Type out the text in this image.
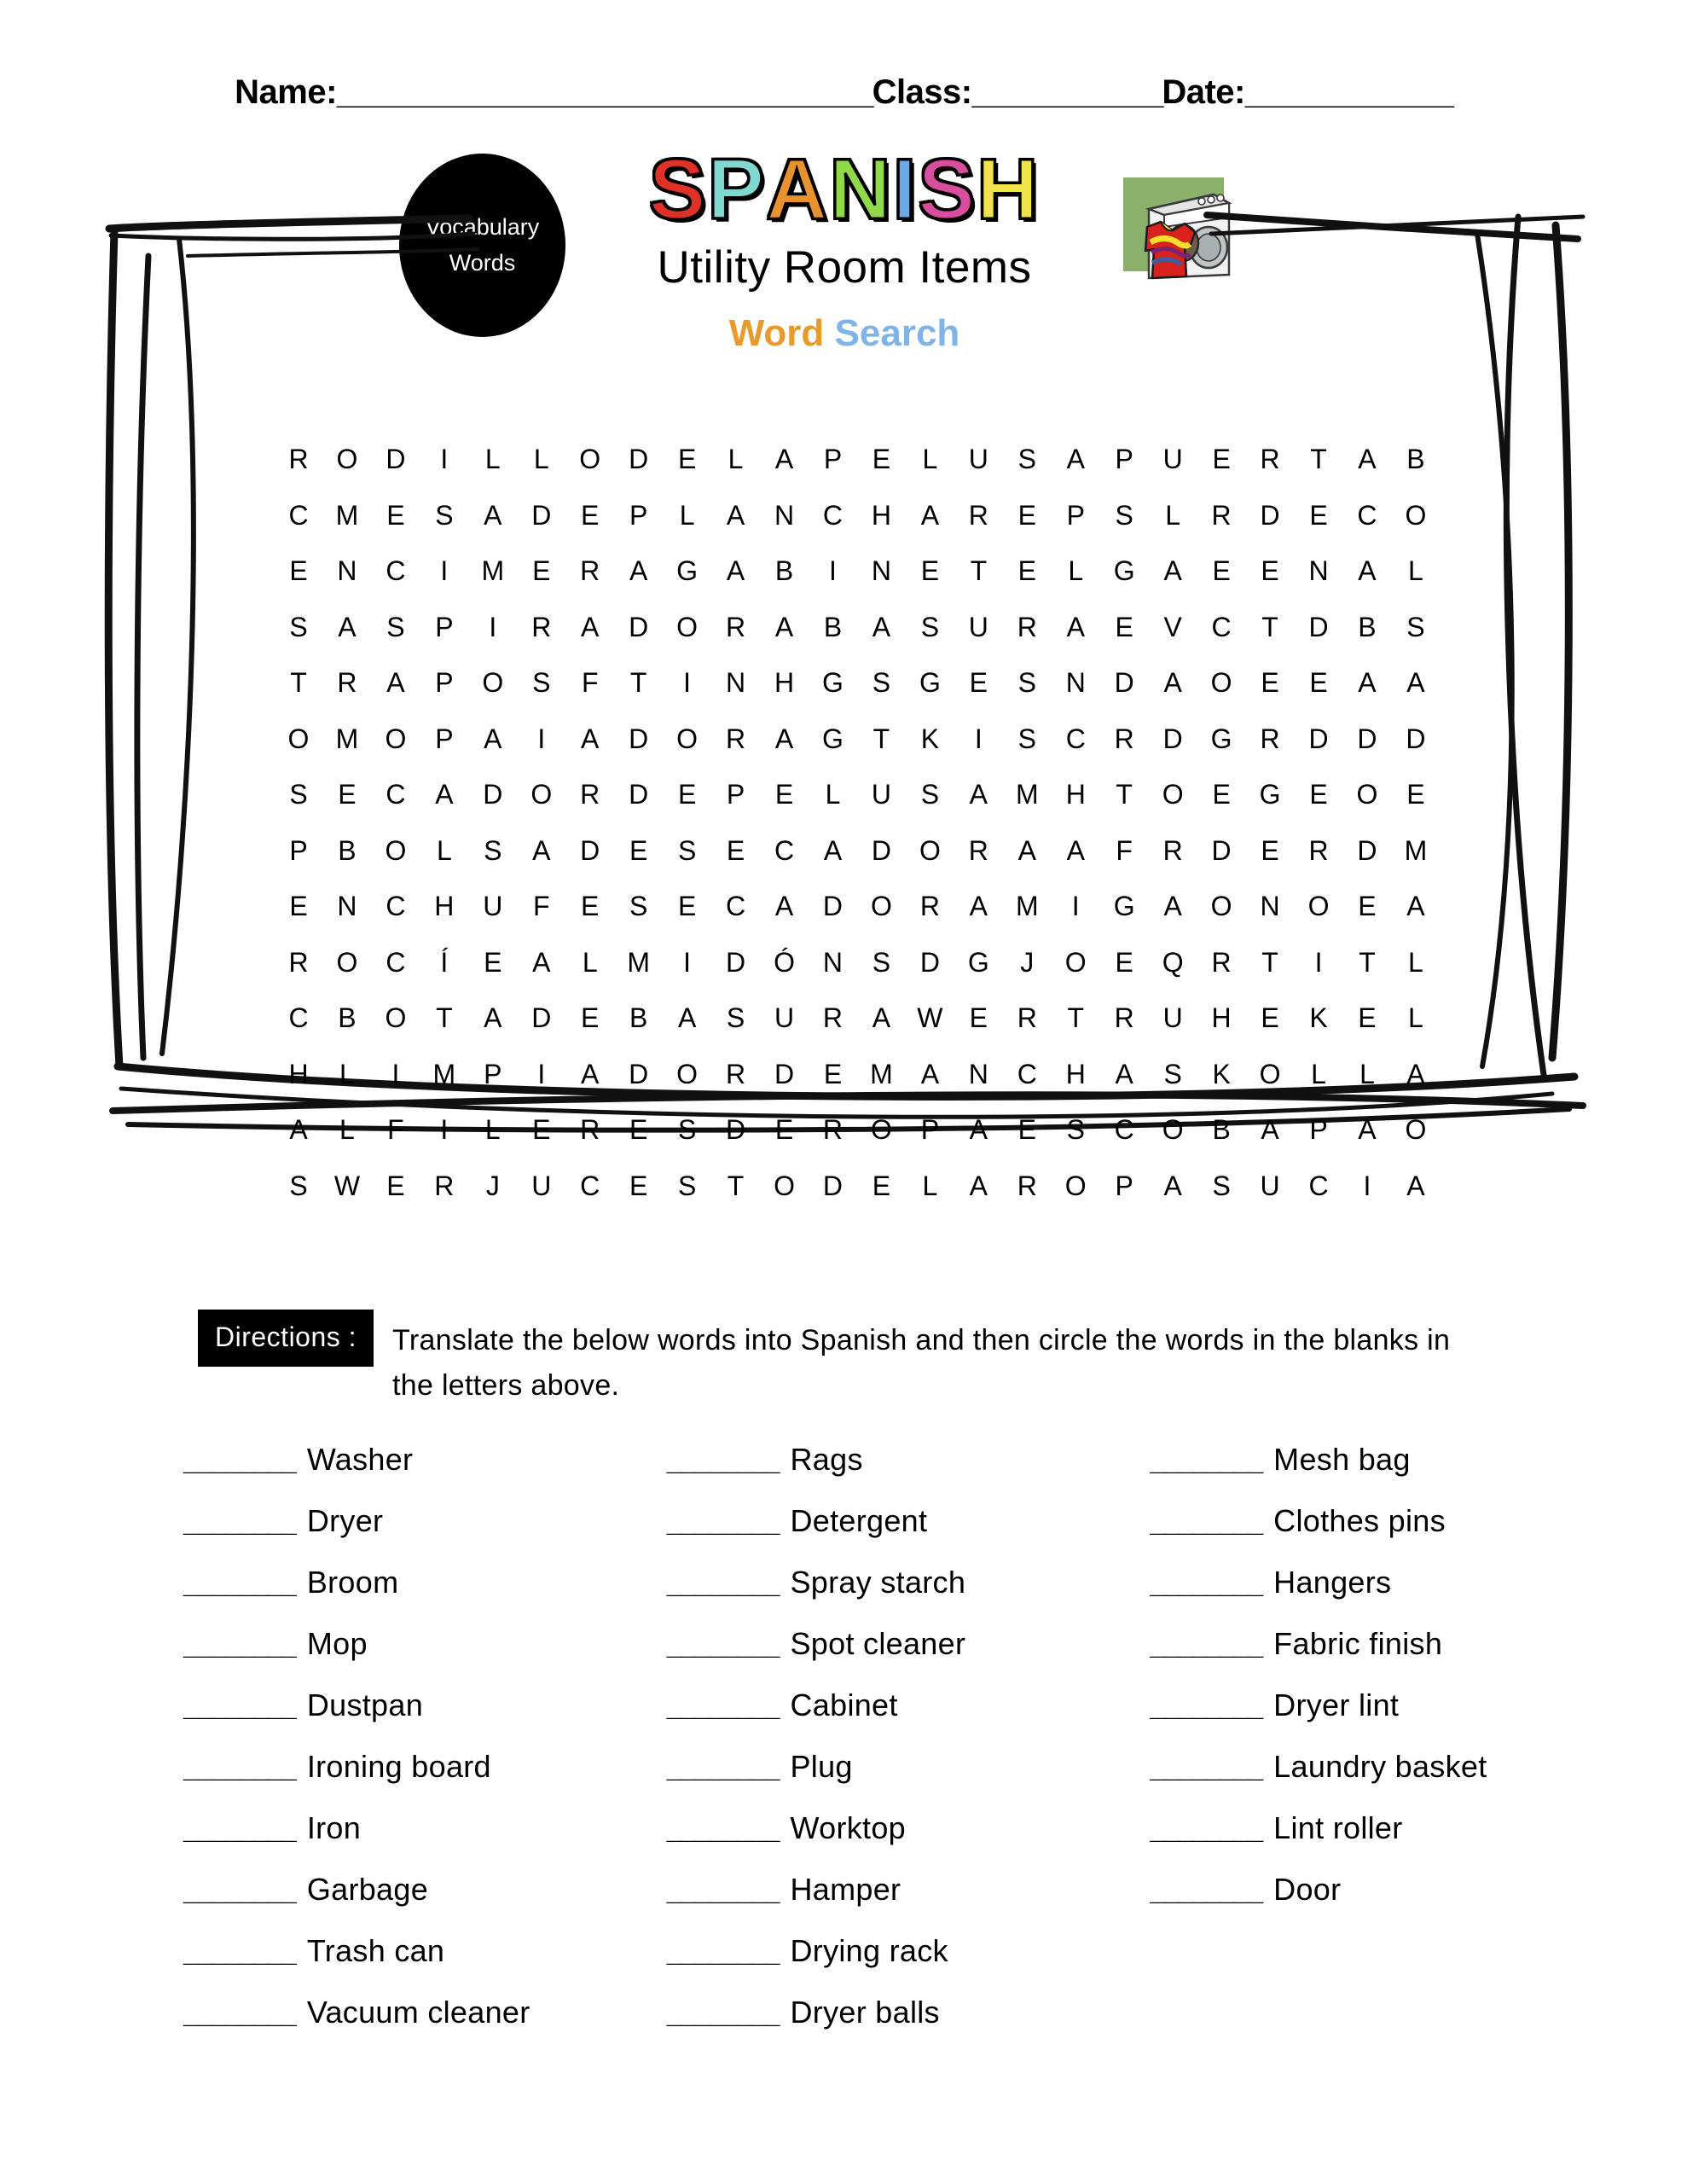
Name: _______________________________ Class: ___________ Date: ____________
Vocabulary
Words
SPANISH
Utility Room Items
Word Search
R	O	D	I	L	L	O	D	E	L	A	P	E	L	U	S	A	P	U	E	R	T	A	B
C	M	E	S	A	D	E	P	L	A	N	C	H	A	R	E	P	S	L	R	D	E	C	O
E	N	C	I	M	E	R	A	G	A	B	I	N	E	T	E	L	G	A	E	E	N	A	L
S	A	S	P	I	R	A	D	O	R	A	B	A	S	U	R	A	E	V	C	T	D	B	S
T	R	A	P	O	S	F	T	I	N	H	G	S	G	E	S	N	D	A	O	E	E	A	A
O M O	P	A	I	A	D	O	R	A	G	T	K	I	S	C	R	D	G	R	D	D	D
S	E	C	A	D	O	R	D	E	P	E	L	U	S	A	M	H	T	O	E	G	E	O	E
P	B	O	L	S	A	D	E	S	E	C	A	D	O	R	A	A	F	R	D	E	R	D	M
E	N	C	H	U	F	E	S	E	C	A	D	O	R	A	M	I	G	A	O	N	O	E	A
R	O	C	Í	E	A	L	M	I	D	Ó	N	S	D	G	J	O	E	Q	R	T	I	T	L
C	B	O	T	A	D	E	B	A	S	U	R	A W E	R	T	R	U	H	E	K	E	L
H	L	I	M	P	I	A	D	O	R	D	E	M	A	N	C	H	A	S	K	O	L	L	A
A	L	F	I	L	E	R	E	S	D	E	R	O	P	A	E	S	C	O	B	A	P	A	O
S W E	R	J	U	C	E	S	T	O	D	E	L	A	R	O	P	A	S	U	C	I	A
Directions :	Translate the below words into Spanish and then circle the words in the blanks in the letters above.
________ Washer
________ Dryer
________ Broom
________ Mop
________ Dustpan
________ Ironing board
________ Iron
________ Garbage
________ Trash can
________ Vacuum cleaner
________ Rags
________ Detergent
________ Spray starch
________ Spot cleaner
________ Cabinet
________ Plug
________ Worktop
________ Hamper
________ Drying rack
________ Dryer balls
________ Mesh bag
________ Clothes pins
________ Hangers
________ Fabric finish
________ Dryer lint
________ Laundry basket
________ Lint roller
________ Door
